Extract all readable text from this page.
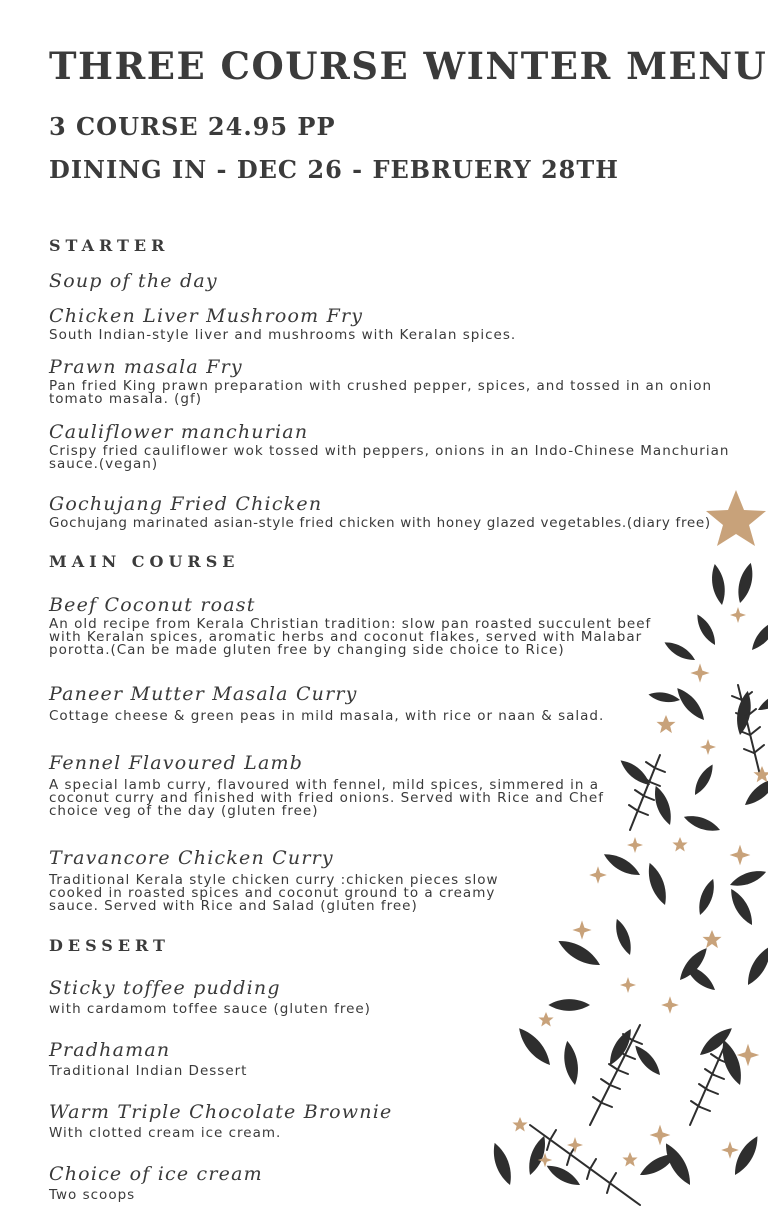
THREE COURSE WINTER MENU
3 COURSE 24.95 PP
DINING IN - DEC 26 - FEBRUERY 28TH
STARTER
Soup of the day
Chicken Liver Mushroom Fry
South Indian-style liver and mushrooms with Keralan spices.
Prawn masala Fry
Pan fried King prawn preparation with crushed pepper, spices, and tossed in an onion tomato masala. (gf)
Cauliflower manchurian
Crispy fried cauliflower wok tossed with peppers, onions in an Indo-Chinese Manchurian sauce.(vegan)
Gochujang Fried Chicken
Gochujang marinated asian-style fried chicken with honey glazed vegetables.(diary free)
MAIN COURSE
Beef Coconut roast
An old recipe from Kerala Christian tradition: slow pan roasted succulent beef with Keralan spices, aromatic herbs and coconut flakes, served with Malabar porotta.(Can be made gluten free by changing side choice to Rice)
Paneer Mutter Masala Curry
Cottage cheese & green peas in mild masala, with rice or naan & salad.
Fennel Flavoured Lamb
A special lamb curry, flavoured with fennel, mild spices, simmered in a coconut curry and finished with fried onions. Served with Rice and Chef choice veg of the day (gluten free)
Travancore Chicken Curry
Traditional Kerala style chicken curry :chicken pieces slow cooked in roasted spices and coconut ground to a creamy sauce. Served with Rice and Salad (gluten free)
DESSERT
Sticky toffee pudding
with cardamom toffee sauce (gluten free)
Pradhaman
Traditional Indian Dessert
Warm Triple Chocolate Brownie
With clotted cream ice cream.
Choice of ice cream
Two scoops
